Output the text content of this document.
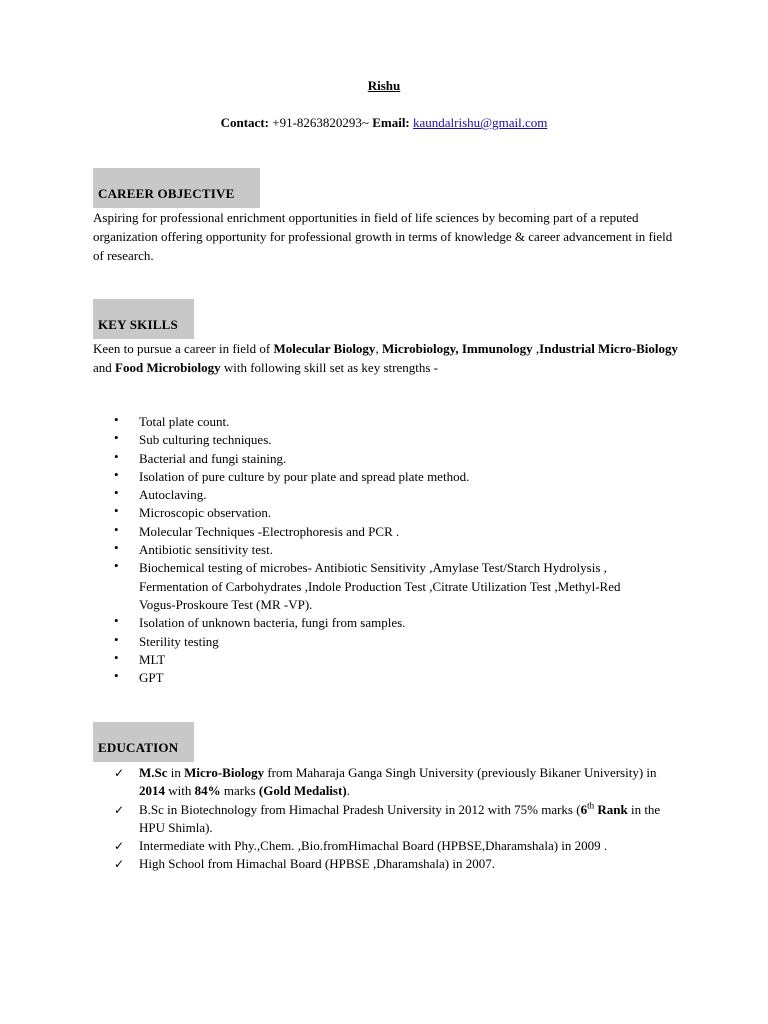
Rishu
Contact: +91-8263820293~ Email: kaundalrishu@gmail.com
CAREER OBJECTIVE
Aspiring for professional enrichment opportunities in field of life sciences by becoming part of a reputed organization offering opportunity for professional growth in terms of knowledge & career advancement in field of research.
KEY SKILLS
Keen to pursue a career in field of Molecular Biology, Microbiology, Immunology ,Industrial Micro-Biology and Food Microbiology with following skill set as key strengths -
• Total plate count.
• Sub culturing techniques.
• Bacterial and fungi staining.
• Isolation of pure culture by pour plate and spread plate method.
• Autoclaving.
• Microscopic observation.
• Molecular Techniques -Electrophoresis and PCR .
• Antibiotic sensitivity test.
• Biochemical testing of microbes- Antibiotic Sensitivity ,Amylase Test/Starch Hydrolysis , Fermentation of Carbohydrates ,Indole Production Test ,Citrate Utilization Test ,Methyl-Red Vogus-Proskoure Test (MR -VP).
• Isolation of unknown bacteria, fungi from samples.
• Sterility testing
• MLT
• GPT
EDUCATION
✓ M.Sc in Micro-Biology from Maharaja Ganga Singh University (previously Bikaner University) in 2014 with 84% marks (Gold Medalist).
✓ B.Sc in Biotechnology from Himachal Pradesh University in 2012 with 75% marks (6th Rank in the HPU Shimla).
✓ Intermediate with Phy.,Chem. ,Bio.fromHimachal Board (HPBSE,Dharamshala) in 2009 .
✓ High School from Himachal Board (HPBSE ,Dharamshala) in 2007.
